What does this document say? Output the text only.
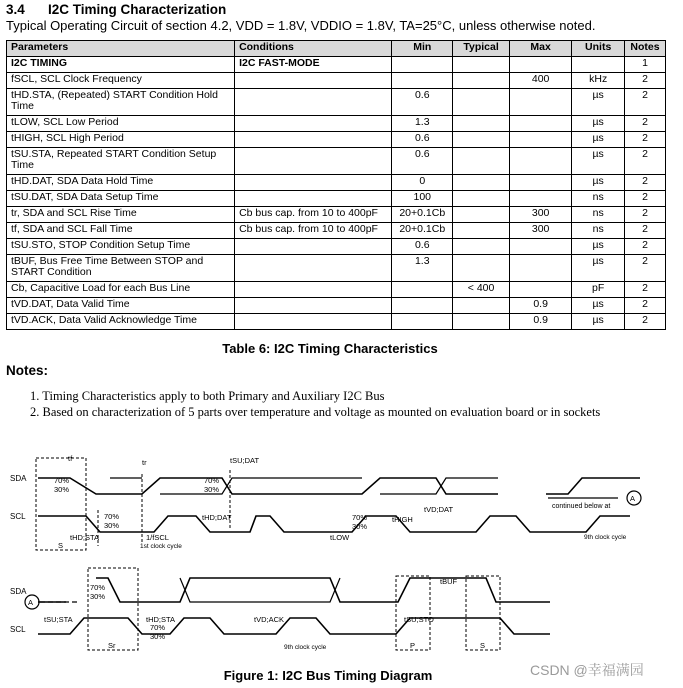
3.4 I2C Timing Characterization
Typical Operating Circuit of section 4.2, VDD = 1.8V, VDDIO = 1.8V, TA=25°C, unless otherwise noted.
Parameters	Conditions	Min	Typical	Max	Units	Notes
I2C TIMING	I2C FAST-MODE					1
fSCL, SCL Clock Frequency				400	kHz	2
tHD.STA, (Repeated) START Condition Hold Time		0.6			µs	2
tLOW, SCL Low Period		1.3			µs	2
tHIGH, SCL High Period		0.6			µs	2
tSU.STA, Repeated START Condition Setup Time		0.6			µs	2
tHD.DAT, SDA Data Hold Time		0			µs	2
tSU.DAT, SDA Data Setup Time		100			ns	2
tr, SDA and SCL Rise Time	Cb bus cap. from 10 to 400pF	20+0.1Cb		300	ns	2
tf, SDA and SCL Fall Time	Cb bus cap. from 10 to 400pF	20+0.1Cb		300	ns	2
tSU.STO, STOP Condition Setup Time		0.6			µs	2
tBUF, Bus Free Time Between STOP and START Condition		1.3			µs	2
Cb, Capacitive Load for each Bus Line			< 400		pF	2
tVD.DAT, Data Valid Time				0.9	µs	2
tVD.ACK, Data Valid Acknowledge Time				0.9	µs	2
Table 6: I2C Timing Characteristics
Notes:
1. Timing Characteristics apply to both Primary and Auxiliary I2C Bus
2. Based on characterization of 5 parts over temperature and voltage as mounted on evaluation board or in sockets
SDA
SCL
tf	tr	tSU;DAT
70%
30%
70%
30%
70%
30%
70%
30%
tHD;STA
tHD;DAT
tVD;DAT
tHIGH
tLOW
1/fSCL
1st clock cycle
9th clock cycle
continued below at
A
S
SDA
SCL
A
70%
30%
70%
30%
tSU;STA	tHD;STA	tVD;ACK	tSU;STO
tBUF
9th clock cycle
Sr	P	S
Figure 1: I2C Bus Timing Diagram	CSDN @幸福满园
